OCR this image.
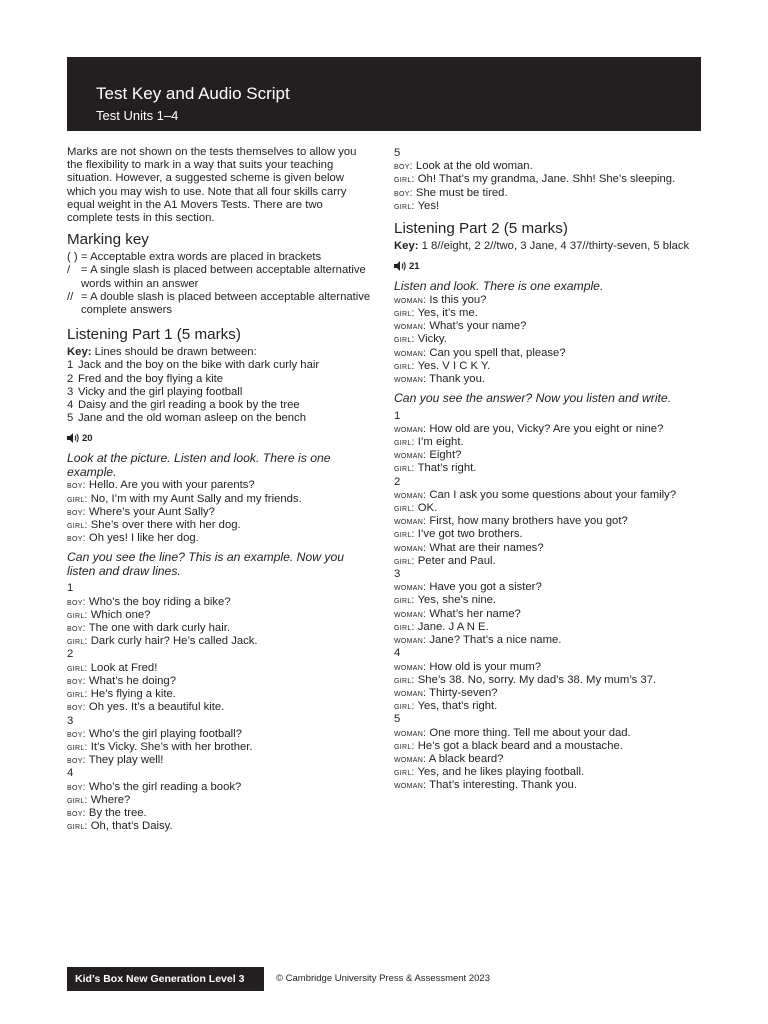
Test Key and Audio Script
Test Units 1–4

Marks are not shown on the tests themselves to allow you the flexibility to mark in a way that suits your teaching situation. However, a suggested scheme is given below which you may wish to use. Note that all four skills carry equal weight in the A1 Movers Tests. There are two complete tests in this section.

Marking key
( ) = Acceptable extra words are placed in brackets
/ = A single slash is placed between acceptable alternative words within an answer
// = A double slash is placed between acceptable alternative complete answers
Listening Part 1 (5 marks)

Key: Lines should be drawn between:

1 Jack and the boy on the bike with dark curly hair
2 Fred and the boy flying a kite
3 Vicky and the girl playing football
4 Daisy and the girl reading a book by the tree
5 Jane and the old woman asleep on the bench
20

Look at the picture. Listen and look. There is one example.

boy: Hello. Are you with your parents?

girl: No, I’m with my Aunt Sally and my friends.

boy: Where’s your Aunt Sally?

girl: She’s over there with her dog.

boy: Oh yes! I like her dog.

Can you see the line? This is an example. Now you listen and draw lines.

1

boy: Who’s the boy riding a bike?

girl: Which one?

boy: The one with dark curly hair.

girl: Dark curly hair? He’s called Jack.

2

girl: Look at Fred!

boy: What’s he doing?

girl: He’s flying a kite.

boy: Oh yes. It’s a beautiful kite.

3

boy: Who’s the girl playing football?

girl: It’s Vicky. She’s with her brother.

boy: They play well!

4

boy: Who’s the girl reading a book?

girl: Where?

boy: By the tree.

girl: Oh, that’s Daisy.

5

boy: Look at the old woman.

girl: Oh! That’s my grandma, Jane. Shh! She’s sleeping.

boy: She must be tired.

girl: Yes!

Listening Part 2 (5 marks)

Key: 1 8//eight, 2 2//two, 3 Jane, 4 37//thirty-seven, 5 black

21

Listen and look. There is one example.

woman: Is this you?

girl: Yes, it’s me.

woman: What’s your name?

girl: Vicky.

woman: Can you spell that, please?

girl: Yes. V I C K Y.

woman: Thank you.

Can you see the answer? Now you listen and write.

1

woman: How old are you, Vicky? Are you eight or nine?

girl: I’m eight.

woman: Eight?

girl: That’s right.

2

woman: Can I ask you some questions about your family?

girl: OK.

woman: First, how many brothers have you got?

girl: I’ve got two brothers.

woman: What are their names?

girl: Peter and Paul.

3

woman: Have you got a sister?

girl: Yes, she’s nine.

woman: What’s her name?

girl: Jane. J A N E.

woman: Jane? That’s a nice name.

4

woman: How old is your mum?

girl: She’s 38. No, sorry. My dad’s 38. My mum’s 37.

woman: Thirty-seven?

girl: Yes, that’s right.

5

woman: One more thing. Tell me about your dad.

girl: He’s got a black beard and a moustache.

woman: A black beard?

girl: Yes, and he likes playing football.

woman: That’s interesting. Thank you.

Kid’s Box New Generation Level 3	© Cambridge University Press & Assessment 2023
